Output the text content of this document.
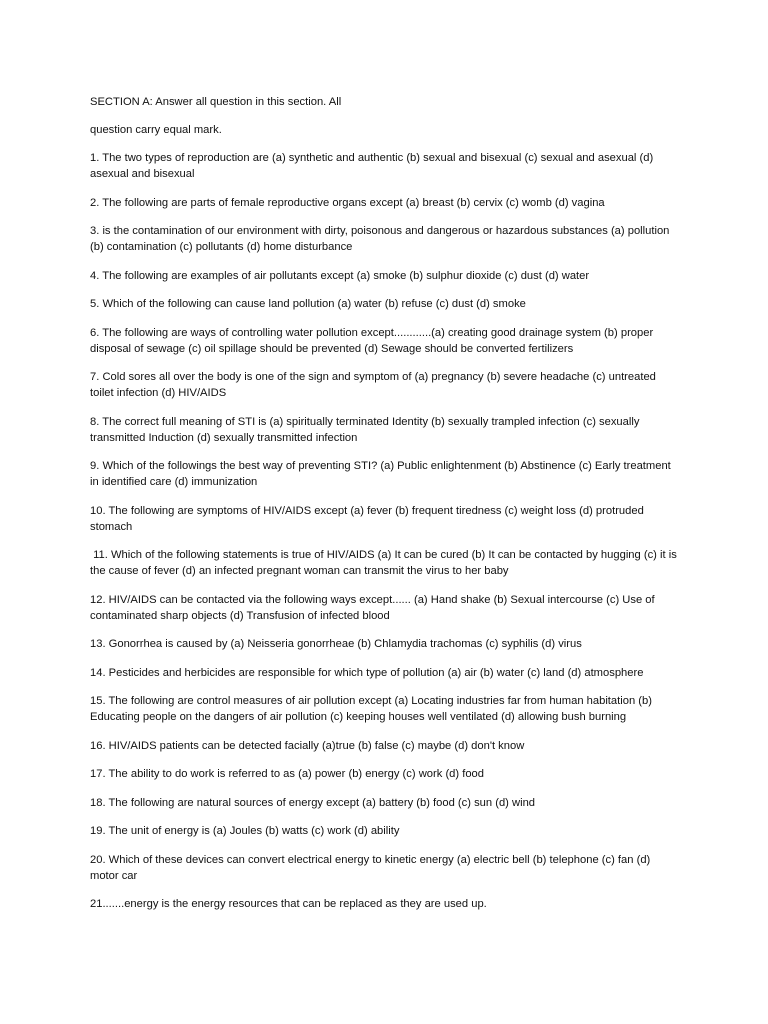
SECTION A: Answer all question in this section. All

question carry equal mark.

1. The two types of reproduction are (a) synthetic and authentic (b) sexual and bisexual (c) sexual and asexual (d) asexual and bisexual

2. The following are parts of female reproductive organs except (a) breast (b) cervix (c) womb (d) vagina

3. is the contamination of our environment with dirty, poisonous and dangerous or hazardous substances (a) pollution (b) contamination (c) pollutants (d) home disturbance

4. The following are examples of air pollutants except (a) smoke (b) sulphur dioxide (c) dust (d) water

5. Which of the following can cause land pollution (a) water (b) refuse (c) dust (d) smoke

6. The following are ways of controlling water pollution except............(a) creating good drainage system (b) proper disposal of sewage (c) oil spillage should be prevented (d) Sewage should be converted fertilizers

7. Cold sores all over the body is one of the sign and symptom of (a) pregnancy (b) severe headache (c) untreated toilet infection (d) HIV/AIDS

8. The correct full meaning of STI is (a) spiritually terminated Identity (b) sexually trampled infection (c) sexually transmitted Induction (d) sexually transmitted infection

9. Which of the followings the best way of preventing STI? (a) Public enlightenment (b) Abstinence (c) Early treatment in identified care (d) immunization

10. The following are symptoms of HIV/AIDS except (a) fever (b) frequent tiredness (c) weight loss (d) protruded stomach

11. Which of the following statements is true of HIV/AIDS (a) It can be cured (b) It can be contacted by hugging (c) it is the cause of fever (d) an infected pregnant woman can transmit the virus to her baby

12. HIV/AIDS can be contacted via the following ways except...... (a) Hand shake (b) Sexual intercourse (c) Use of contaminated sharp objects (d) Transfusion of infected blood

13. Gonorrhea is caused by (a) Neisseria gonorrheae (b) Chlamydia trachomas (c) syphilis (d) virus

14. Pesticides and herbicides are responsible for which type of pollution (a) air (b) water (c) land (d) atmosphere

15. The following are control measures of air pollution except (a) Locating industries far from human habitation (b) Educating people on the dangers of air pollution (c) keeping houses well ventilated (d) allowing bush burning

16. HIV/AIDS patients can be detected facially (a)true (b) false (c) maybe (d) don't know

17. The ability to do work is referred to as (a) power (b) energy (c) work (d) food

18. The following are natural sources of energy except (a) battery (b) food (c) sun (d) wind

19. The unit of energy is (a) Joules (b) watts (c) work (d) ability

20. Which of these devices can convert electrical energy to kinetic energy (a) electric bell (b) telephone (c) fan (d) motor car

21.......energy is the energy resources that can be replaced as they are used up.
